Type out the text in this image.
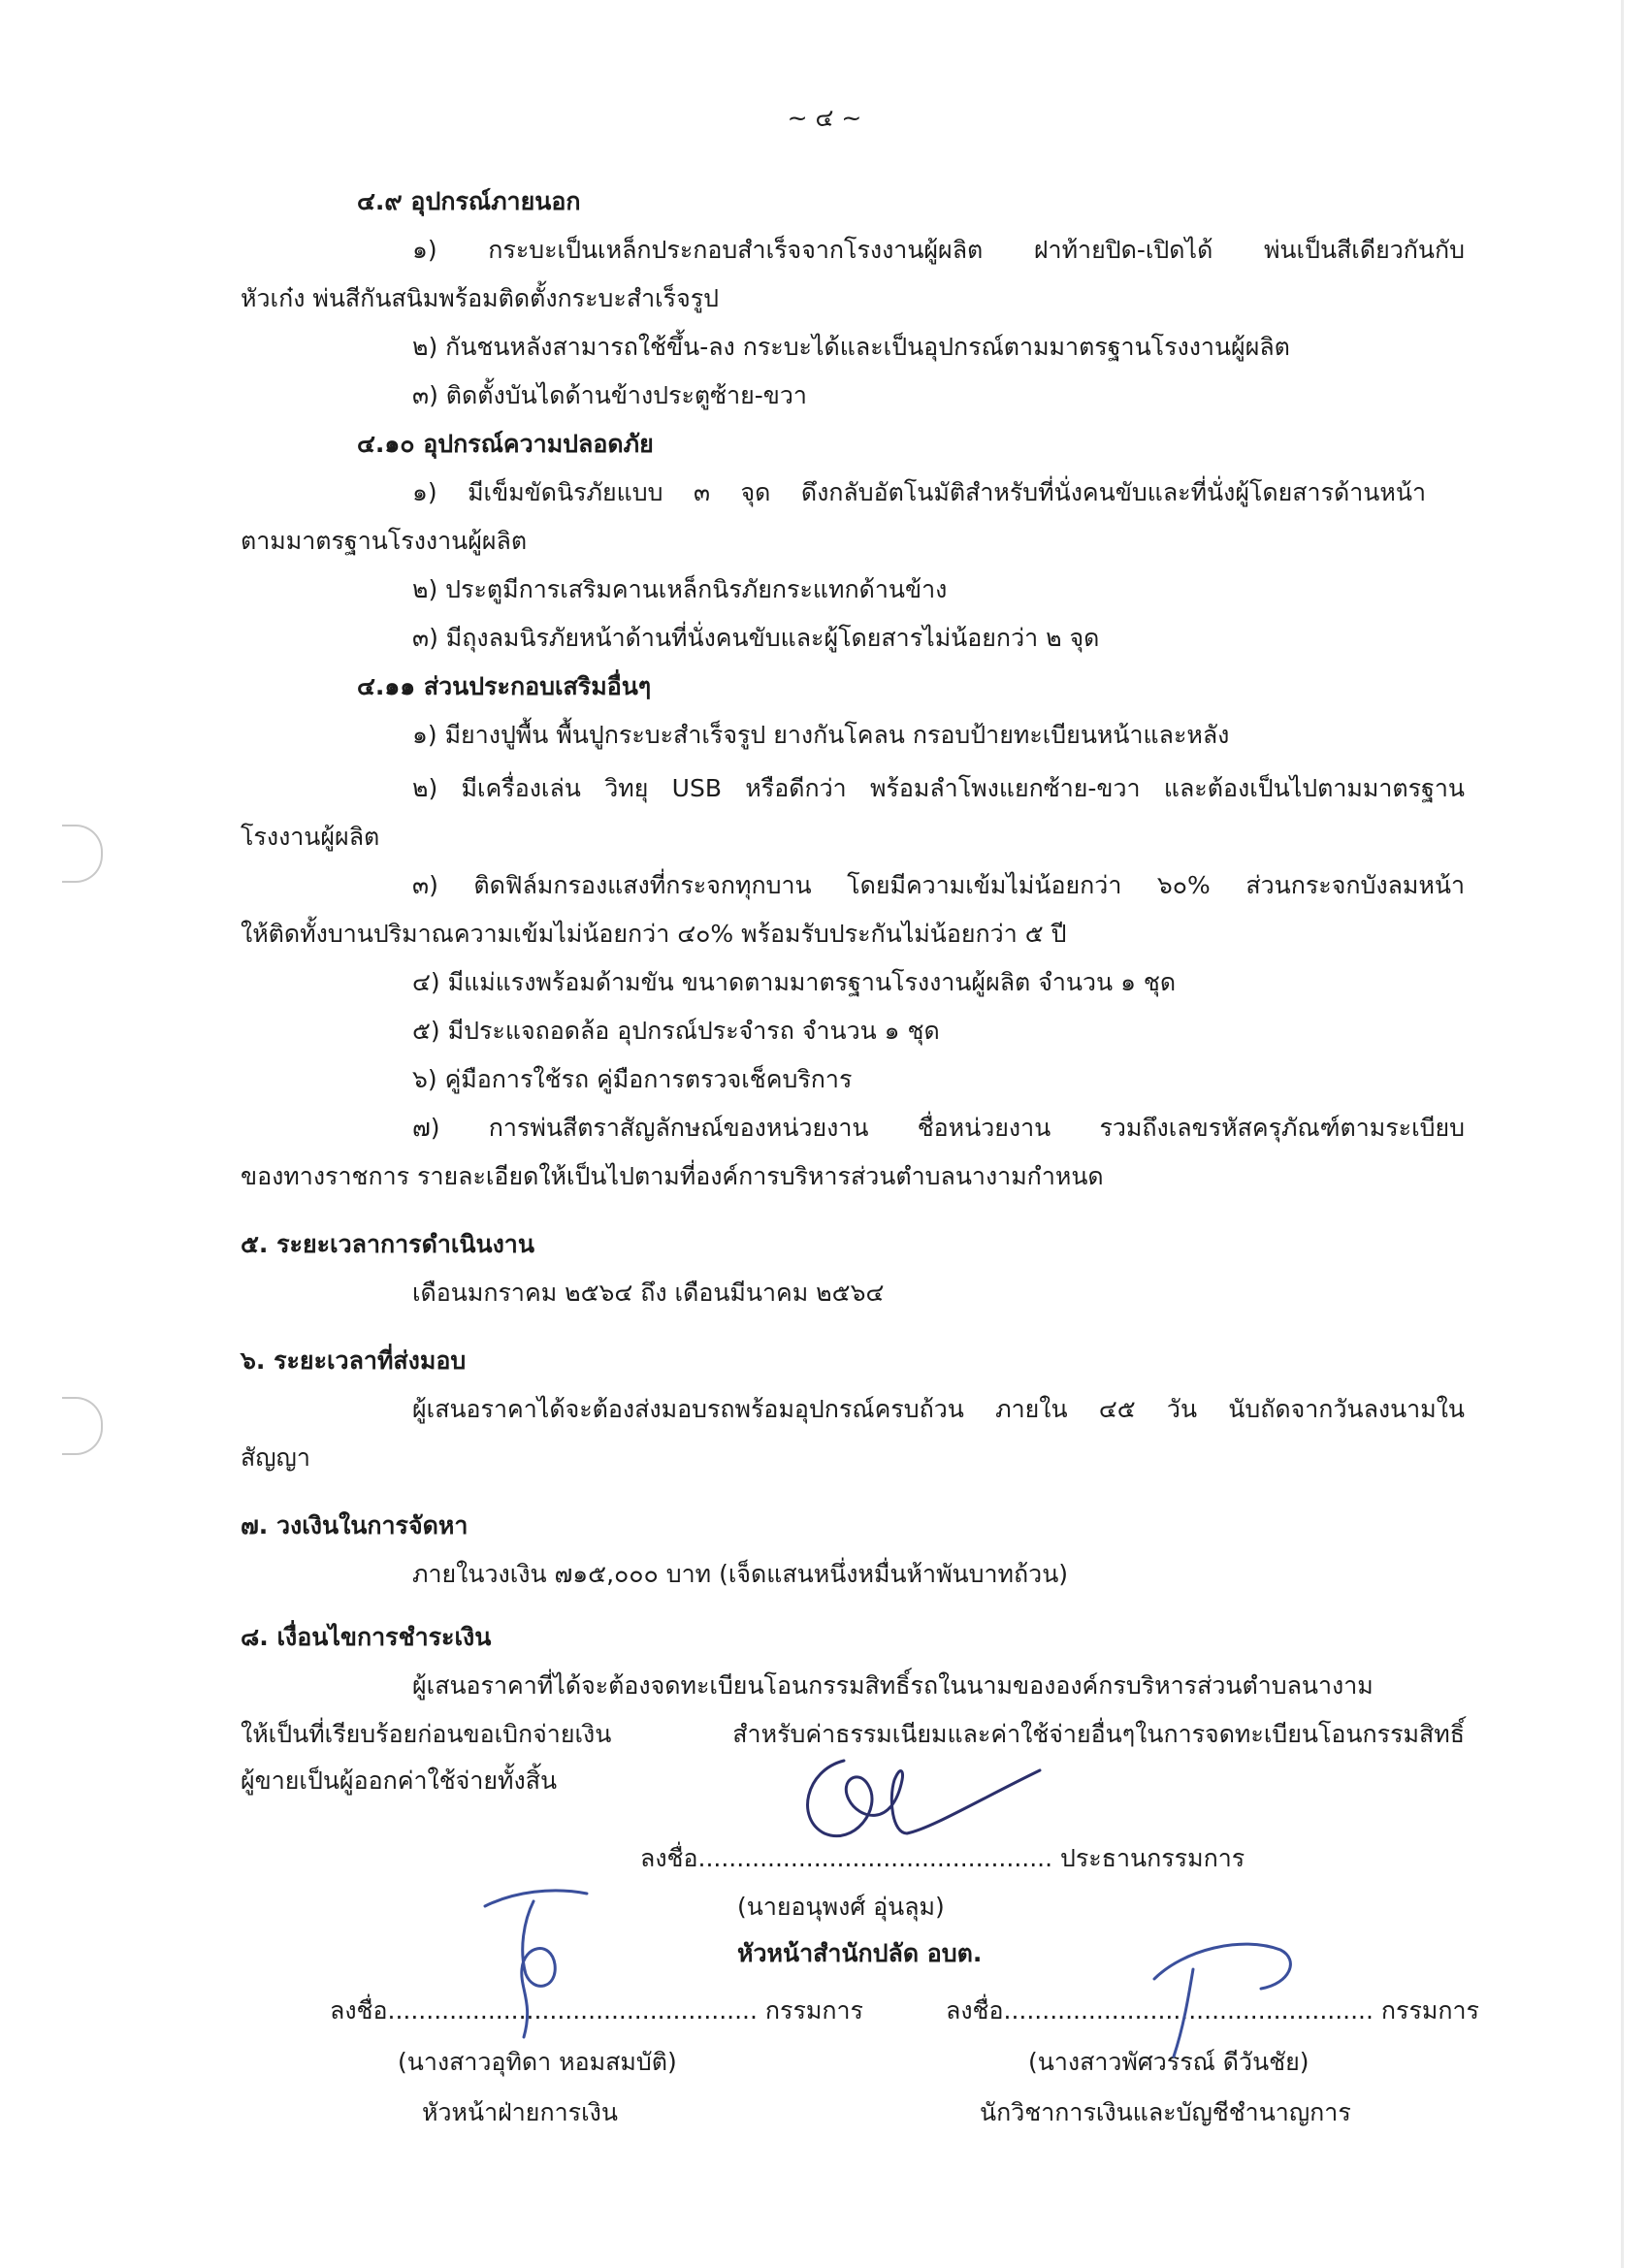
~ ๔ ~
๔.๙ อุปกรณ์ภายนอก
๑) กระบะเป็นเหล็กประกอบสำเร็จจากโรงงานผู้ผลิต ฝาท้ายปิด-เปิดได้ พ่นเป็นสีเดียวกันกับ
หัวเก๋ง พ่นสีกันสนิมพร้อมติดตั้งกระบะสำเร็จรูป
๒) กันชนหลังสามารถใช้ขึ้น-ลง กระบะได้และเป็นอุปกรณ์ตามมาตรฐานโรงงานผู้ผลิต
๓) ติดตั้งบันไดด้านข้างประตูซ้าย-ขวา
๔.๑๐ อุปกรณ์ความปลอดภัย
๑) มีเข็มขัดนิรภัยแบบ ๓ จุด ดึงกลับอัตโนมัติสำหรับที่นั่งคนขับและที่นั่งผู้โดยสารด้านหน้า
ตามมาตรฐานโรงงานผู้ผลิต
๒) ประตูมีการเสริมคานเหล็กนิรภัยกระแทกด้านข้าง
๓) มีถุงลมนิรภัยหน้าด้านที่นั่งคนขับและผู้โดยสารไม่น้อยกว่า ๒ จุด
๔.๑๑ ส่วนประกอบเสริมอื่นๆ
๑) มียางปูพื้น พื้นปูกระบะสำเร็จรูป ยางกันโคลน กรอบป้ายทะเบียนหน้าและหลัง
๒) มีเครื่องเล่น วิทยุ USB หรือดีกว่า พร้อมลำโพงแยกซ้าย-ขวา และต้องเป็นไปตามมาตรฐาน
โรงงานผู้ผลิต
๓) ติดฟิล์มกรองแสงที่กระจกทุกบาน โดยมีความเข้มไม่น้อยกว่า ๖๐% ส่วนกระจกบังลมหน้า
ให้ติดทั้งบานปริมาณความเข้มไม่น้อยกว่า ๔๐% พร้อมรับประกันไม่น้อยกว่า ๕ ปี
๔) มีแม่แรงพร้อมด้ามขัน ขนาดตามมาตรฐานโรงงานผู้ผลิต จำนวน ๑ ชุด
๕) มีประแจถอดล้อ อุปกรณ์ประจำรถ จำนวน ๑ ชุด
๖) คู่มือการใช้รถ คู่มือการตรวจเช็คบริการ
๗) การพ่นสีตราสัญลักษณ์ของหน่วยงาน ชื่อหน่วยงาน รวมถึงเลขรหัสครุภัณฑ์ตามระเบียบ
ของทางราชการ รายละเอียดให้เป็นไปตามที่องค์การบริหารส่วนตำบลนางามกำหนด
๕. ระยะเวลาการดำเนินงาน
เดือนมกราคม ๒๕๖๔ ถึง เดือนมีนาคม ๒๕๖๔
๖. ระยะเวลาที่ส่งมอบ
ผู้เสนอราคาได้จะต้องส่งมอบรถพร้อมอุปกรณ์ครบถ้วน ภายใน ๔๕ วัน นับถัดจากวันลงนามใน
สัญญา
๗. วงเงินในการจัดหา
ภายในวงเงิน ๗๑๕,๐๐๐ บาท (เจ็ดแสนหนึ่งหมื่นห้าพันบาทถ้วน)
๘. เงื่อนไขการชำระเงิน
ผู้เสนอราคาที่ได้จะต้องจดทะเบียนโอนกรรมสิทธิ์รถในนามขององค์กรบริหารส่วนตำบลนางาม
ให้เป็นที่เรียบร้อยก่อนขอเบิกจ่ายเงิน สำหรับค่าธรรมเนียมและค่าใช้จ่ายอื่นๆในการจดทะเบียนโอนกรรมสิทธิ์
ผู้ขายเป็นผู้ออกค่าใช้จ่ายทั้งสิ้น
ลงชื่อ.............................................. ประธานกรรมการ
(นายอนุพงศ์ อุ่นลุม)
หัวหน้าสำนักปลัด อบต.
ลงชื่อ................................................ กรรมการ
(นางสาวอุทิดา หอมสมบัติ)
หัวหน้าฝ่ายการเงิน
ลงชื่อ................................................ กรรมการ
(นางสาวพัศวรรณ์ ดีวันชัย)
นักวิชาการเงินและบัญชีชำนาญการ
